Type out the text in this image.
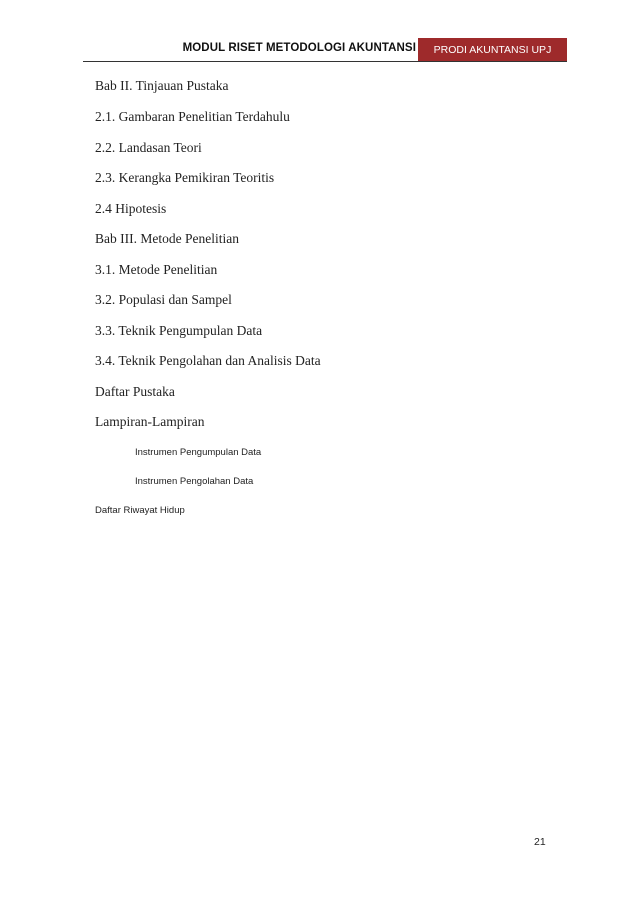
MODUL RISET METODOLOGI AKUNTANSI	PRODI AKUNTANSI UPJ
Bab II. Tinjauan Pustaka
2.1. Gambaran Penelitian Terdahulu
2.2. Landasan Teori
2.3. Kerangka Pemikiran Teoritis
2.4 Hipotesis
Bab III. Metode Penelitian
3.1. Metode Penelitian
3.2. Populasi dan Sampel
3.3. Teknik Pengumpulan Data
3.4. Teknik Pengolahan dan Analisis Data
Daftar Pustaka
Lampiran-Lampiran
Instrumen Pengumpulan Data
Instrumen Pengolahan Data
Daftar Riwayat Hidup
21
